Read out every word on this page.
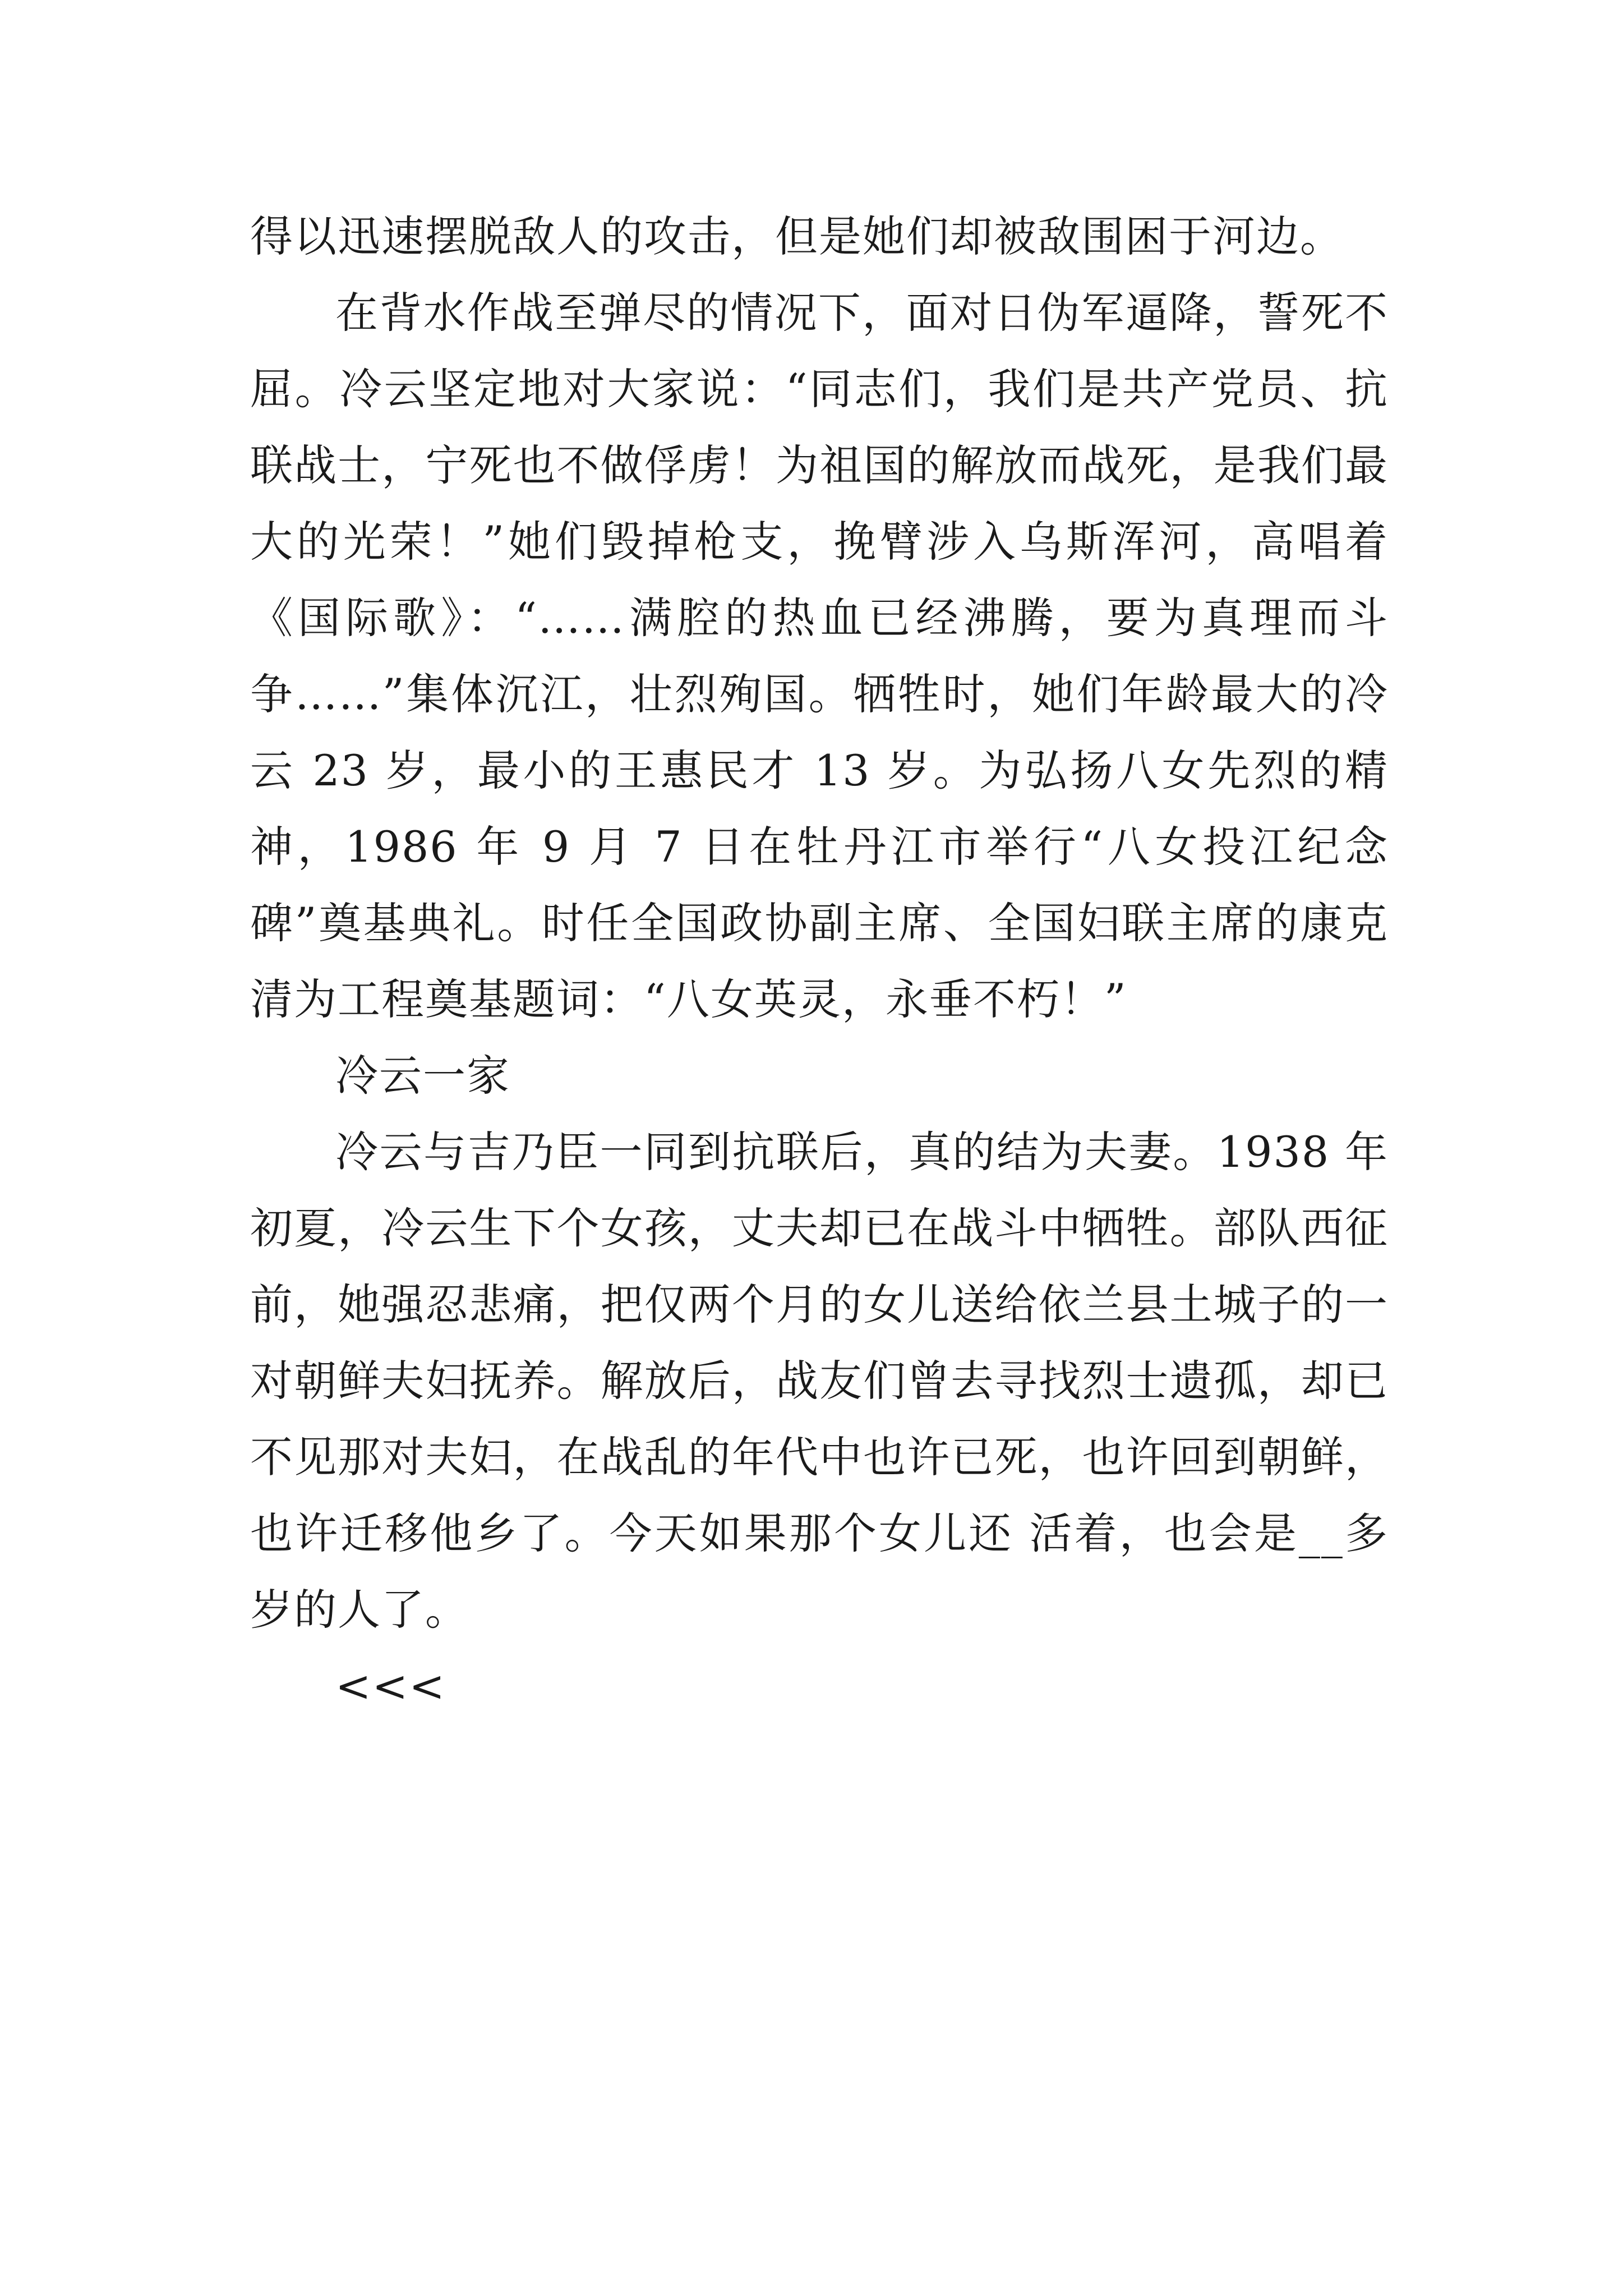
得以迅速摆脱敌人的攻击，但是她们却被敌围困于河边。

在背水作战至弹尽的情况下，面对日伪军逼降，誓死不屈。冷云坚定地对大家说：“同志们，我们是共产党员、抗联战士，宁死也不做俘虏！为祖国的解放而战死，是我们最大的光荣！”她们毁掉枪支，挽臂涉入乌斯浑河，高唱着《国际歌》：“……满腔的热血已经沸腾，要为真理而斗争……”集体沉江，壮烈殉国。牺牲时，她们年龄最大的冷云 23 岁，最小的王惠民才 13 岁。为弘扬八女先烈的精神，1986 年 9 月 7 日在牡丹江市举行“八女投江纪念碑”奠基典礼。时任全国政协副主席、全国妇联主席的康克清为工程奠基题词：“八女英灵，永垂不朽！”

冷云一家

冷云与吉乃臣一同到抗联后，真的结为夫妻。1938 年初夏，冷云生下个女孩，丈夫却已在战斗中牺牲。部队西征前，她强忍悲痛，把仅两个月的女儿送给依兰县土城子的一对朝鲜夫妇抚养。解放后，战友们曾去寻找烈士遗孤，却已不见那对夫妇，在战乱的年代中也许已死，也许回到朝鲜，也许迁移他乡了。今天如果那个女儿还 活着，也会是__多岁的人了。

<<<
